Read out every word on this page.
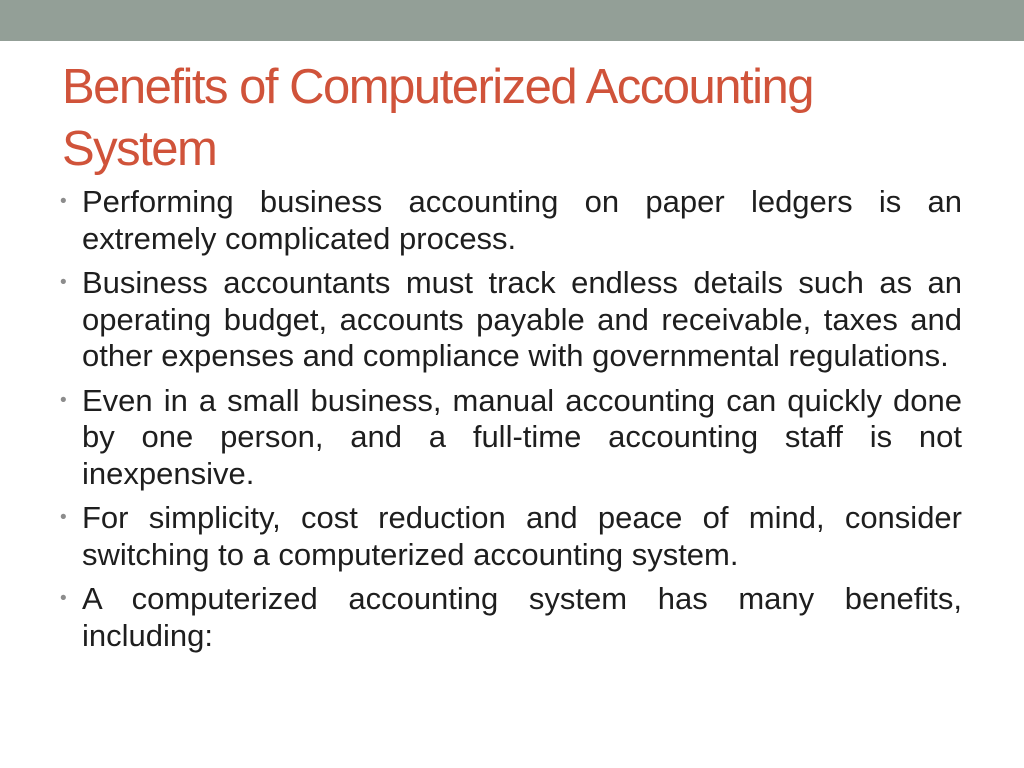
Benefits of Computerized Accounting System
• Performing business accounting on paper ledgers is an extremely complicated process.
• Business accountants must track endless details such as an operating budget, accounts payable and receivable, taxes and other expenses and compliance with governmental regulations.
• Even in a small business, manual accounting can quickly done by one person, and a full-time accounting staff is not inexpensive.
• For simplicity, cost reduction and peace of mind, consider switching to a computerized accounting system.
• A computerized accounting system has many benefits, including:
